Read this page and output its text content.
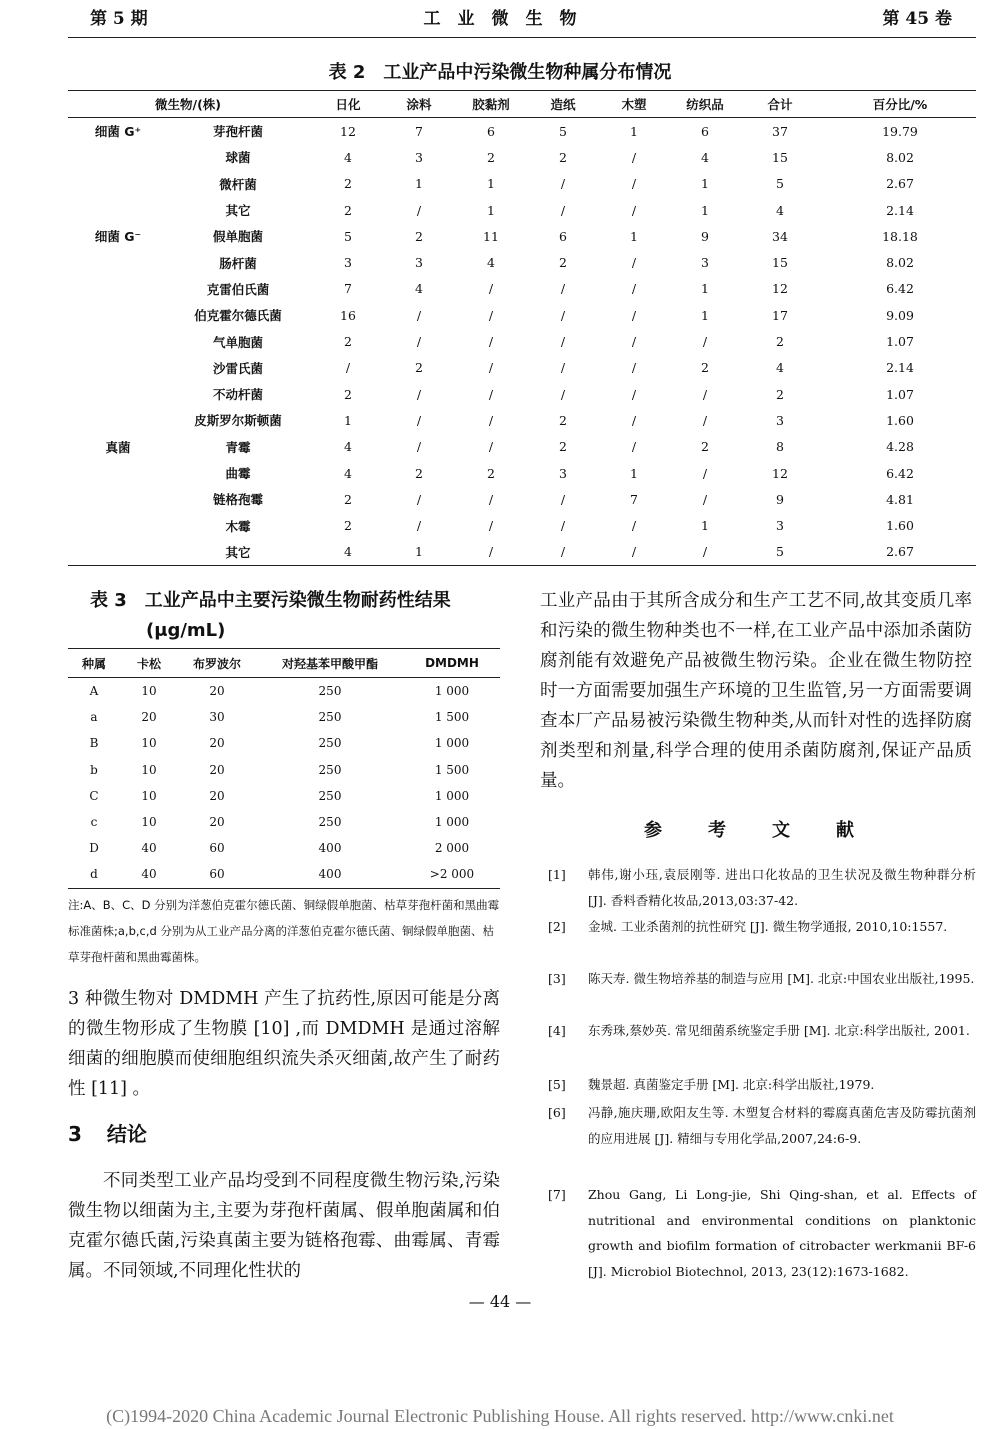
第 5 期	工　业　微　生　物	第 45 卷
表 2　工业产品中污染微生物种属分布情况
微生物/(株)		日化	涂料	胶黏剂	造纸	木塑	纺织品	合计	百分比/%
细菌 G⁺	芽孢杆菌	12	7	6	5	1	6	37	19.79
	球菌	4	3	2	2	/	4	15	8.02
	微杆菌	2	1	1	/	/	1	5	2.67
	其它	2	/	1	/	/	1	4	2.14
细菌 G⁻	假单胞菌	5	2	11	6	1	9	34	18.18
	肠杆菌	3	3	4	2	/	3	15	8.02
	克雷伯氏菌	7	4	/	/	/	1	12	6.42
	伯克霍尔德氏菌	16	/	/	/	/	1	17	9.09
	气单胞菌	2	/	/	/	/	/	2	1.07
	沙雷氏菌	/	2	/	/	/	2	4	2.14
	不动杆菌	2	/	/	/	/	/	2	1.07
	皮斯罗尔斯顿菌	1	/	/	2	/	/	3	1.60
真菌	青霉	4	/	/	2	/	2	8	4.28
	曲霉	4	2	2	3	1	/	12	6.42
	链格孢霉	2	/	/	/	7	/	9	4.81
	木霉	2	/	/	/	/	1	3	1.60
	其它	4	1	/	/	/	/	5	2.67
表 3　工业产品中主要污染微生物耐药性结果
(μg/mL)
种属	卡松	布罗波尔	对羟基苯甲酸甲酯	DMDMH
A	10	20	250	1 000
a	20	30	250	1 500
B	10	20	250	1 000
b	10	20	250	1 500
C	10	20	250	1 000
c	10	20	250	1 000
D	40	60	400	2 000
d	40	60	400	>2 000
注:A、B、C、D 分别为洋葱伯克霍尔德氏菌、铜绿假单胞菌、枯草芽孢杆菌和黑曲霉标准菌株;a,b,c,d 分别为从工业产品分离的洋葱伯克霍尔德氏菌、铜绿假单胞菌、枯草芽孢杆菌和黑曲霉菌株。
3 种微生物对 DMDMH 产生了抗药性,原因可能是分离的微生物形成了生物膜 [10] ,而 DMDMH 是通过溶解细菌的细胞膜而使细胞组织流失杀灭细菌,故产生了耐药性 [11] 。
3 结论
不同类型工业产品均受到不同程度微生物污染,污染微生物以细菌为主,主要为芽孢杆菌属、假单胞菌属和伯克霍尔德氏菌,污染真菌主要为链格孢霉、曲霉属、青霉属。不同领域,不同理化性状的
工业产品由于其所含成分和生产工艺不同,故其变质几率和污染的微生物种类也不一样,在工业产品中添加杀菌防腐剂能有效避免产品被微生物污染。企业在微生物防控时一方面需要加强生产环境的卫生监管,另一方面需要调查本厂产品易被污染微生物种类,从而针对性的选择防腐剂类型和剂量,科学合理的使用杀菌防腐剂,保证产品质量。
参　考　文　献
[1] 韩伟,谢小珏,袁辰刚等. 进出口化妆品的卫生状况及微生物种群分析 [J]. 香料香精化妆品,2013,03:37-42.
[2] 金城. 工业杀菌剂的抗性研究 [J]. 微生物学通报, 2010,10:1557.
[3] 陈天寿. 微生物培养基的制造与应用 [M]. 北京:中国农业出版社,1995.
[4] 东秀珠,蔡妙英. 常见细菌系统鉴定手册 [M]. 北京:科学出版社, 2001.
[5] 魏景超. 真菌鉴定手册 [M]. 北京:科学出版社,1979.
[6] 冯静,施庆珊,欧阳友生等. 木塑复合材料的霉腐真菌危害及防霉抗菌剂的应用进展 [J]. 精细与专用化学品,2007,24:6-9.
[7] Zhou Gang, Li Long-jie, Shi Qing-shan, et al. Effects of nutritional and environmental conditions on planktonic growth and biofilm formation of citrobacter werkmanii BF-6 [J]. Microbiol Biotechnol, 2013, 23(12):1673-1682.
— 44 —
(C)1994-2020 China Academic Journal Electronic Publishing House. All rights reserved. http://www.cnki.net
